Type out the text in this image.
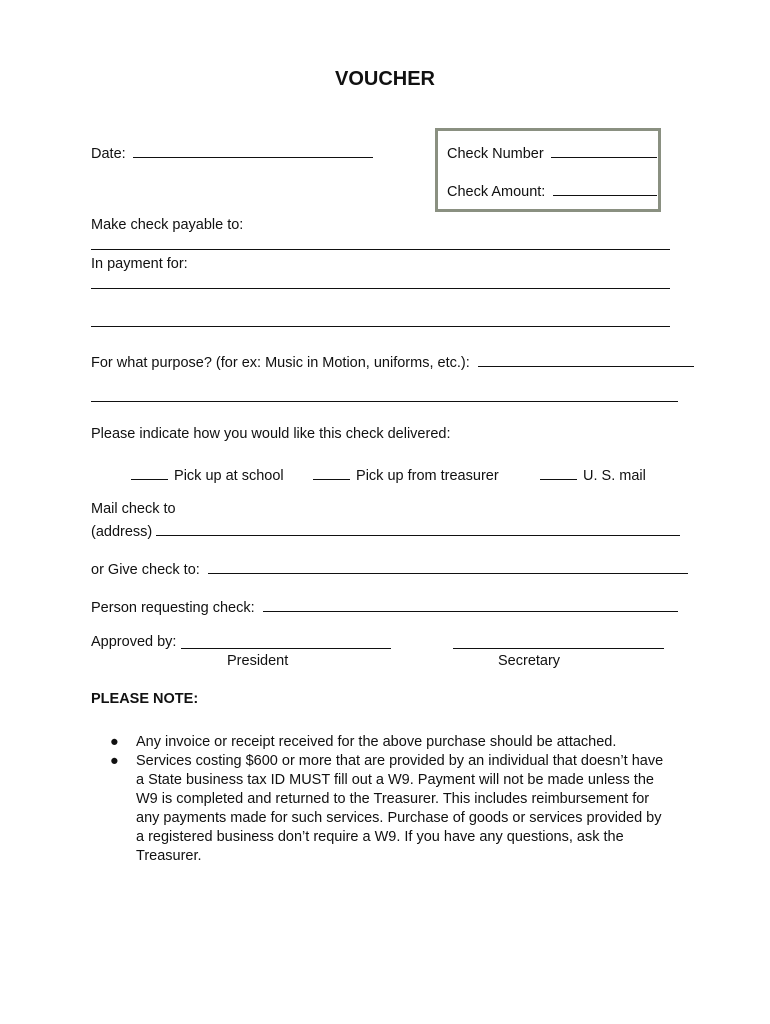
VOUCHER
Date:	Check Number
Check Amount:
Make check payable to:
In payment for:
For what purpose? (for ex: Music in Motion, uniforms, etc.):
Please indicate how you would like this check delivered:
Pick up at school	Pick up from treasurer	U. S. mail
Mail check to
(address)
or Give check to:
Person requesting check:
Approved by:
President	Secretary
PLEASE NOTE:
● Any invoice or receipt received for the above purchase should be attached.
● Services costing $600 or more that are provided by an individual that doesn’t have a State business tax ID MUST fill out a W9. Payment will not be made unless the W9 is completed and returned to the Treasurer. This includes reimbursement for any payments made for such services. Purchase of goods or services provided by a registered business don’t require a W9. If you have any questions, ask the Treasurer.
